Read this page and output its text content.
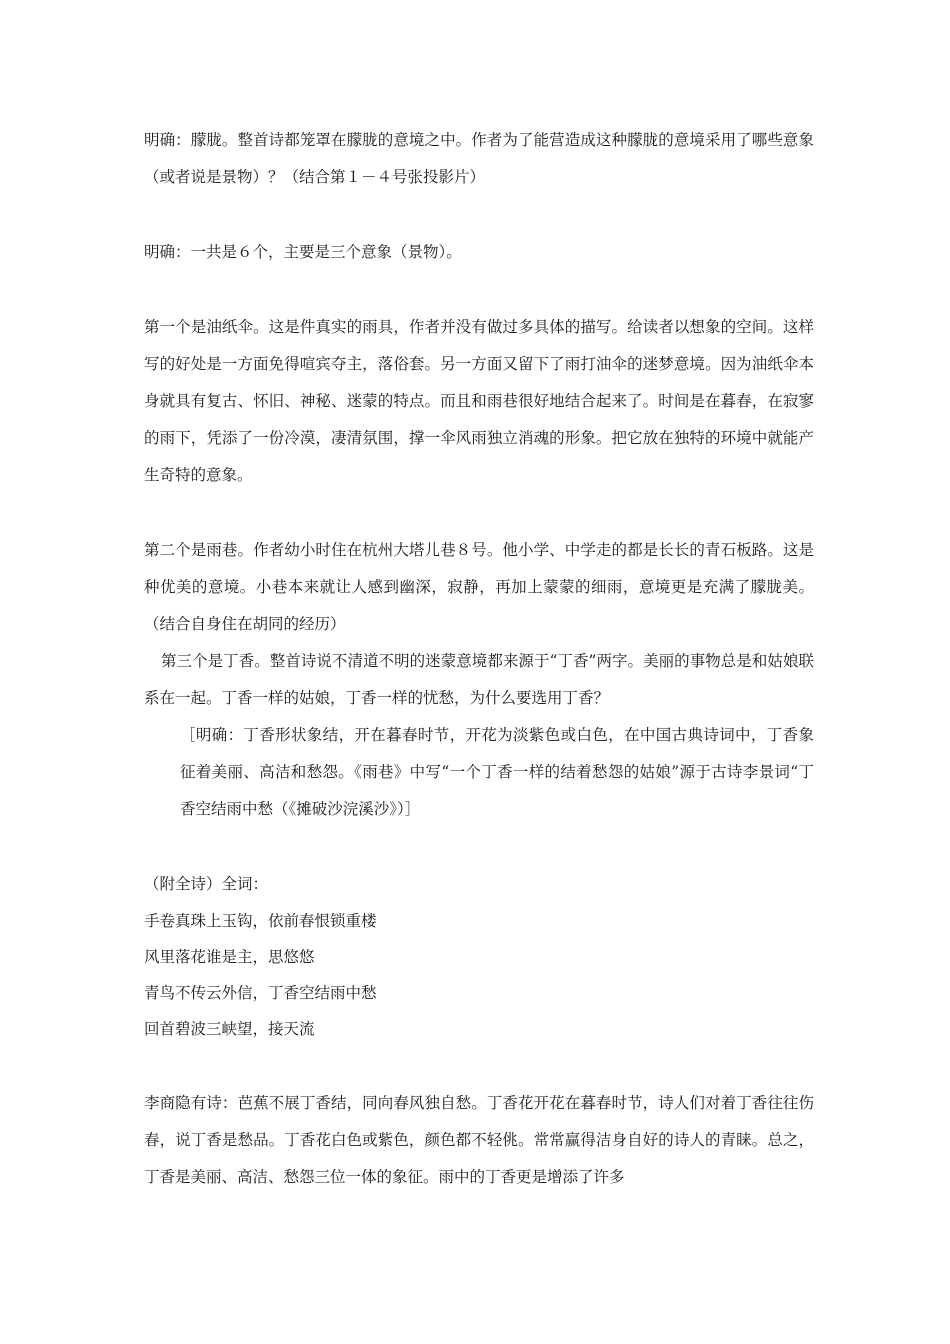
明确：朦胧。整首诗都笼罩在朦胧的意境之中。作者为了能营造成这种朦胧的意境采用了哪些意象（或者说是景物）？（结合第１－４号张投影片）

明确：一共是６个，主要是三个意象（景物）。

第一个是油纸伞。这是件真实的雨具，作者并没有做过多具体的描写。给读者以想象的空间。这样写的好处是一方面免得喧宾夺主，落俗套。另一方面又留下了雨打油伞的迷梦意境。因为油纸伞本身就具有复古、怀旧、神秘、迷蒙的特点。而且和雨巷很好地结合起来了。时间是在暮春，在寂寥的雨下，凭添了一份冷漠，凄清氛围，撑一伞风雨独立消魂的形象。把它放在独特的环境中就能产生奇特的意象。

第二个是雨巷。作者幼小时住在杭州大塔儿巷８号。他小学、中学走的都是长长的青石板路。这是种优美的意境。小巷本来就让人感到幽深，寂静，再加上蒙蒙的细雨，意境更是充满了朦胧美。（结合自身住在胡同的经历）

第三个是丁香。整首诗说不清道不明的迷蒙意境都来源于“丁香”两字。美丽的事物总是和姑娘联系在一起。丁香一样的姑娘，丁香一样的忧愁，为什么要选用丁香？

［明确：丁香形状象结，开在暮春时节，开花为淡紫色或白色，在中国古典诗词中，丁香象征着美丽、高洁和愁怨。《雨巷》中写“一个丁香一样的结着愁怨的姑娘”源于古诗李景词“丁香空结雨中愁（《摊破沙浣溪沙》）］

（附全诗）全词：

手卷真珠上玉钩，依前春恨锁重楼

风里落花谁是主，思悠悠

青鸟不传云外信，丁香空结雨中愁

回首碧波三峡望，接天流

李商隐有诗：芭蕉不展丁香结，同向春风独自愁。丁香花开花在暮春时节，诗人们对着丁香往往伤春，说丁香是愁品。丁香花白色或紫色，颜色都不轻佻。常常赢得洁身自好的诗人的青睐。总之，丁香是美丽、高洁、愁怨三位一体的象征。雨中的丁香更是增添了许多
